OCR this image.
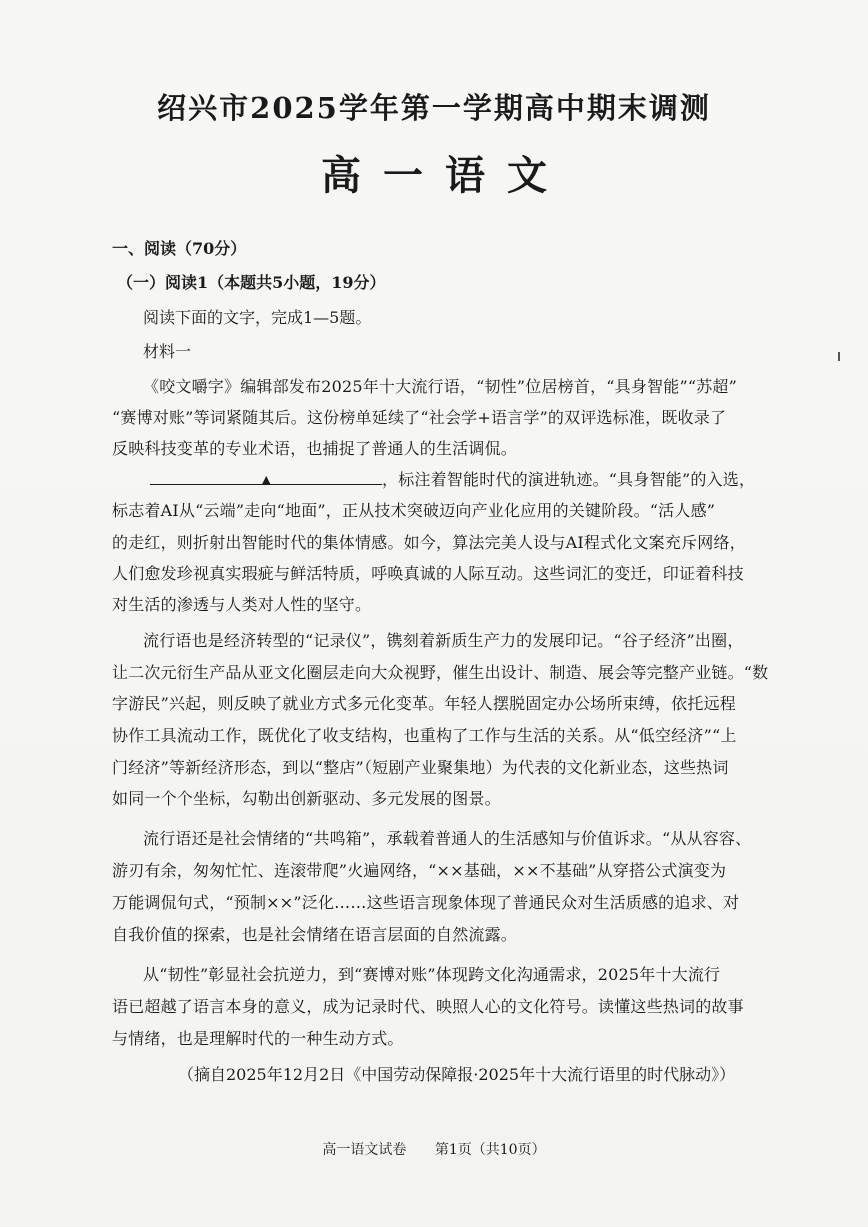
绍兴市2025学年第一学期高中期末调测
高一语文
一、阅读（70分）
（一）阅读1（本题共5小题，19分）
阅读下面的文字，完成1—5题。
材料一
《咬文嚼字》编辑部发布2025年十大流行语，“韧性”位居榜首，“具身智能”“苏超”
“赛博对账”等词紧随其后。这份榜单延续了“社会学+语言学”的双评选标准，既收录了
反映科技变革的专业术语，也捕捉了普通人的生活调侃。
▲	，标注着智能时代的演进轨迹。“具身智能”的入选，
标志着AI从“云端”走向“地面”，正从技术突破迈向产业化应用的关键阶段。“活人感”
的走红，则折射出智能时代的集体情感。如今，算法完美人设与AI程式化文案充斥网络，
人们愈发珍视真实瑕疵与鲜活特质，呼唤真诚的人际互动。这些词汇的变迁，印证着科技
对生活的渗透与人类对人性的坚守。
流行语也是经济转型的“记录仪”，镌刻着新质生产力的发展印记。“谷子经济”出圈，
让二次元衍生产品从亚文化圈层走向大众视野，催生出设计、制造、展会等完整产业链。“数
字游民”兴起，则反映了就业方式多元化变革。年轻人摆脱固定办公场所束缚，依托远程
协作工具流动工作，既优化了收支结构，也重构了工作与生活的关系。从“低空经济”“上
门经济”等新经济形态，到以“整店”（短剧产业聚集地）为代表的文化新业态，这些热词
如同一个个坐标，勾勒出创新驱动、多元发展的图景。
流行语还是社会情绪的“共鸣箱”，承载着普通人的生活感知与价值诉求。“从从容容、
游刃有余，匆匆忙忙、连滚带爬”火遍网络，“××基础，××不基础”从穿搭公式演变为
万能调侃句式，“预制××”泛化……这些语言现象体现了普通民众对生活质感的追求、对
自我价值的探索，也是社会情绪在语言层面的自然流露。
从“韧性”彰显社会抗逆力，到“赛博对账”体现跨文化沟通需求，2025年十大流行
语已超越了语言本身的意义，成为记录时代、映照人心的文化符号。读懂这些热词的故事
与情绪，也是理解时代的一种生动方式。
（摘自2025年12月2日《中国劳动保障报·2025年十大流行语里的时代脉动》）
高一语文试卷 第1页（共10页）
